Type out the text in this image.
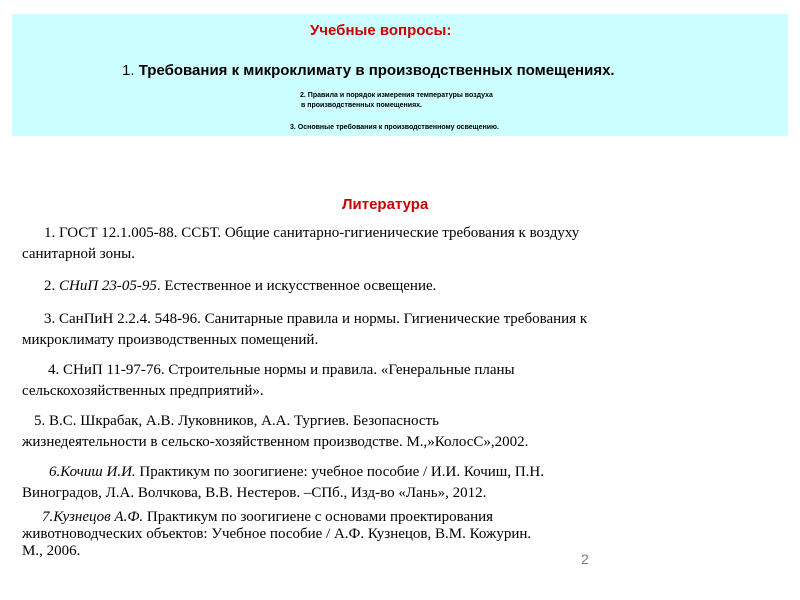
Учебные вопросы:
1. Требования к микроклимату в производственных помещениях.
2. Правила и порядок измерения температуры воздуха
в производственных помещениях.
3. Основные требования к производственному освещению.
Литература
1. ГОСТ 12.1.005-88. ССБТ. Общие санитарно-гигиенические требования к воздуху
санитарной зоны.
2. СНиП 23-05-95. Естественное и искусственное освещение.
3. СанПиН 2.2.4. 548-96. Санитарные правила и нормы. Гигиенические требования к
микроклимату производственных помещений.
4. СНиП 11-97-76. Строительные нормы и правила. «Генеральные планы
сельскохозяйственных предприятий».
5. В.С. Шкрабак, А.В. Луковников, А.А. Тургиев. Безопасность
жизнедеятельности в сельско-хозяйственном производстве. М.,»КолосС»,2002.
6.Кочиш И.И. Практикум по зоогигиене: учебное пособие / И.И. Кочиш, П.Н.
Виноградов, Л.А. Волчкова, В.В. Нестеров. –СПб., Изд-во «Лань», 2012.
7.Кузнецов А.Ф. Практикум по зоогигиене с основами проектирования
животноводческих объектов: Учебное пособие / А.Ф. Кузнецов, В.М. Кожурин.
М., 2006.	2
